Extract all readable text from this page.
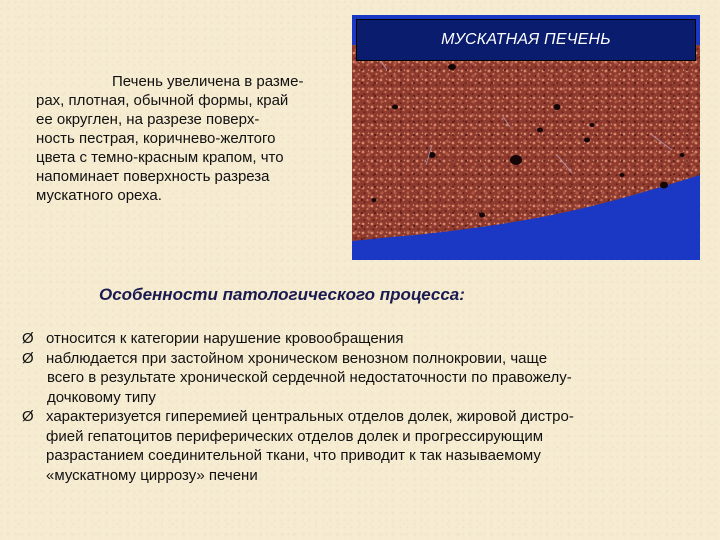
МУСКАТНАЯ ПЕЧЕНЬ

Печень увеличена в разме-
рах, плотная, обычной формы, край
ее округлен, на разрезе поверх-
ность пестрая, коричнево-желтого
цвета с темно-красным крапом, что
напоминает поверхность разреза
мускатного ореха.

Особенности патологического процесса:
Ø относится к категории нарушение кровообращения
Ø наблюдается при застойном хроническом венозном полнокровии, чаще
всего в результате хронической сердечной недостаточности по правожелу-
дочковому типу
Ø характеризуется гиперемией центральных отделов долек, жировой дистро-
фией гепатоцитов периферических отделов долек и прогрессирующим
разрастанием соединительной ткани, что приводит к так называемому
«мускатному циррозу» печени
